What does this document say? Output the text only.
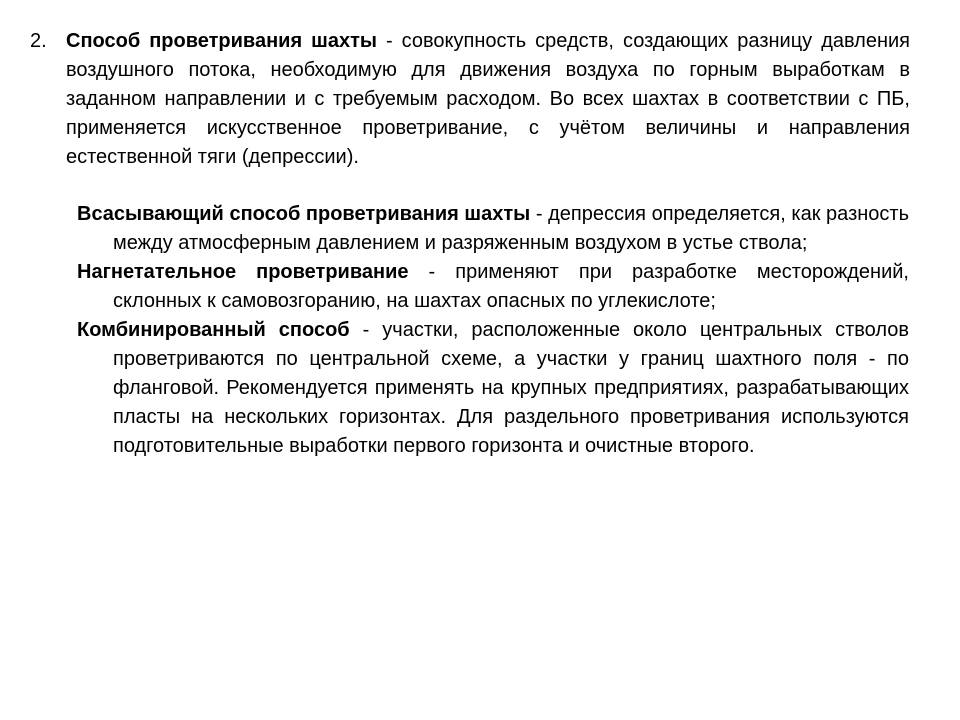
2. Способ проветривания шахты - совокупность средств, создающих разницу давления воздушного потока, необходимую для движения воздуха по горным выработкам в заданном направлении и с требуемым расходом. Во всех шахтах в соответствии с ПБ, применяется искусственное проветривание, с учётом величины и направления естественной тяги (депрессии).
Всасывающий способ проветривания шахты - депрессия определяется, как разность между атмосферным давлением и разряженным воздухом в устье ствола;
Нагнетательное проветривание - применяют при разработке месторождений, склонных к самовозгоранию, на шахтах опасных по углекислоте;
Комбинированный способ - участки, расположенные около центральных стволов проветриваются по центральной схеме, а участки у границ шахтного поля - по фланговой. Рекомендуется применять на крупных предприятиях, разрабатывающих пласты на нескольких горизонтах. Для раздельного проветривания используются подготовительные выработки первого горизонта и очистные второго.
